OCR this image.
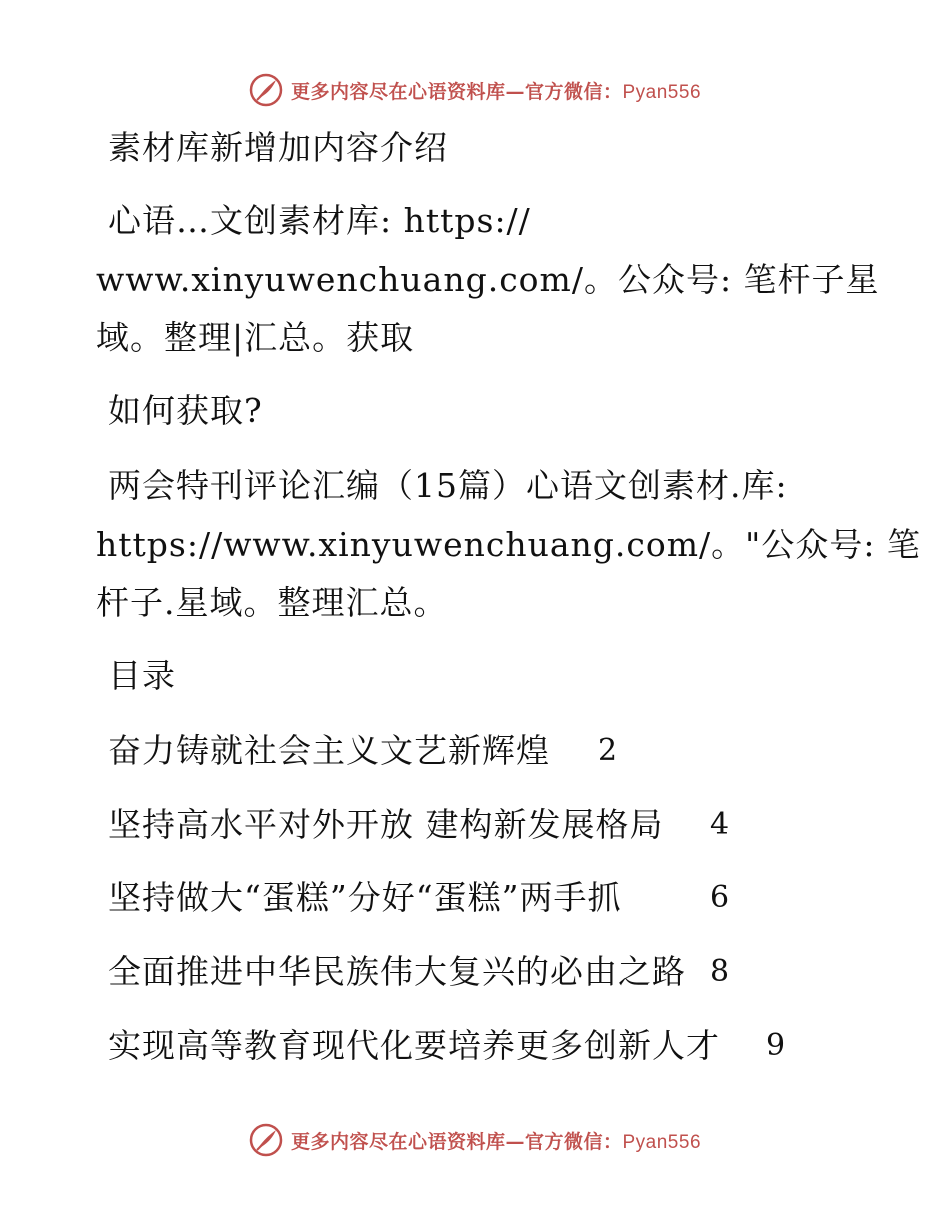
更多内容尽在心语资料库—官方微信：Pyan556
素材库新增加内容介绍
心语…文创素材库: https://
www.xinyuwenchuang.com/。公众号: 笔杆子星
域。整理|汇总。获取
如何获取?
两会特刊评论汇编（15篇）心语文创素材.库:
https://www.xinyuwenchuang.com/。"公众号: 笔
杆子.星域。整理汇总。
目录
奋力铸就社会主义文艺新辉煌 2
坚持高水平对外开放 建构新发展格局 4
坚持做大“蛋糕”分好“蛋糕”两手抓	6
全面推进中华民族伟大复兴的必由之路 8
实现高等教育现代化要培养更多创新人才 9
更多内容尽在心语资料库—官方微信：Pyan556
